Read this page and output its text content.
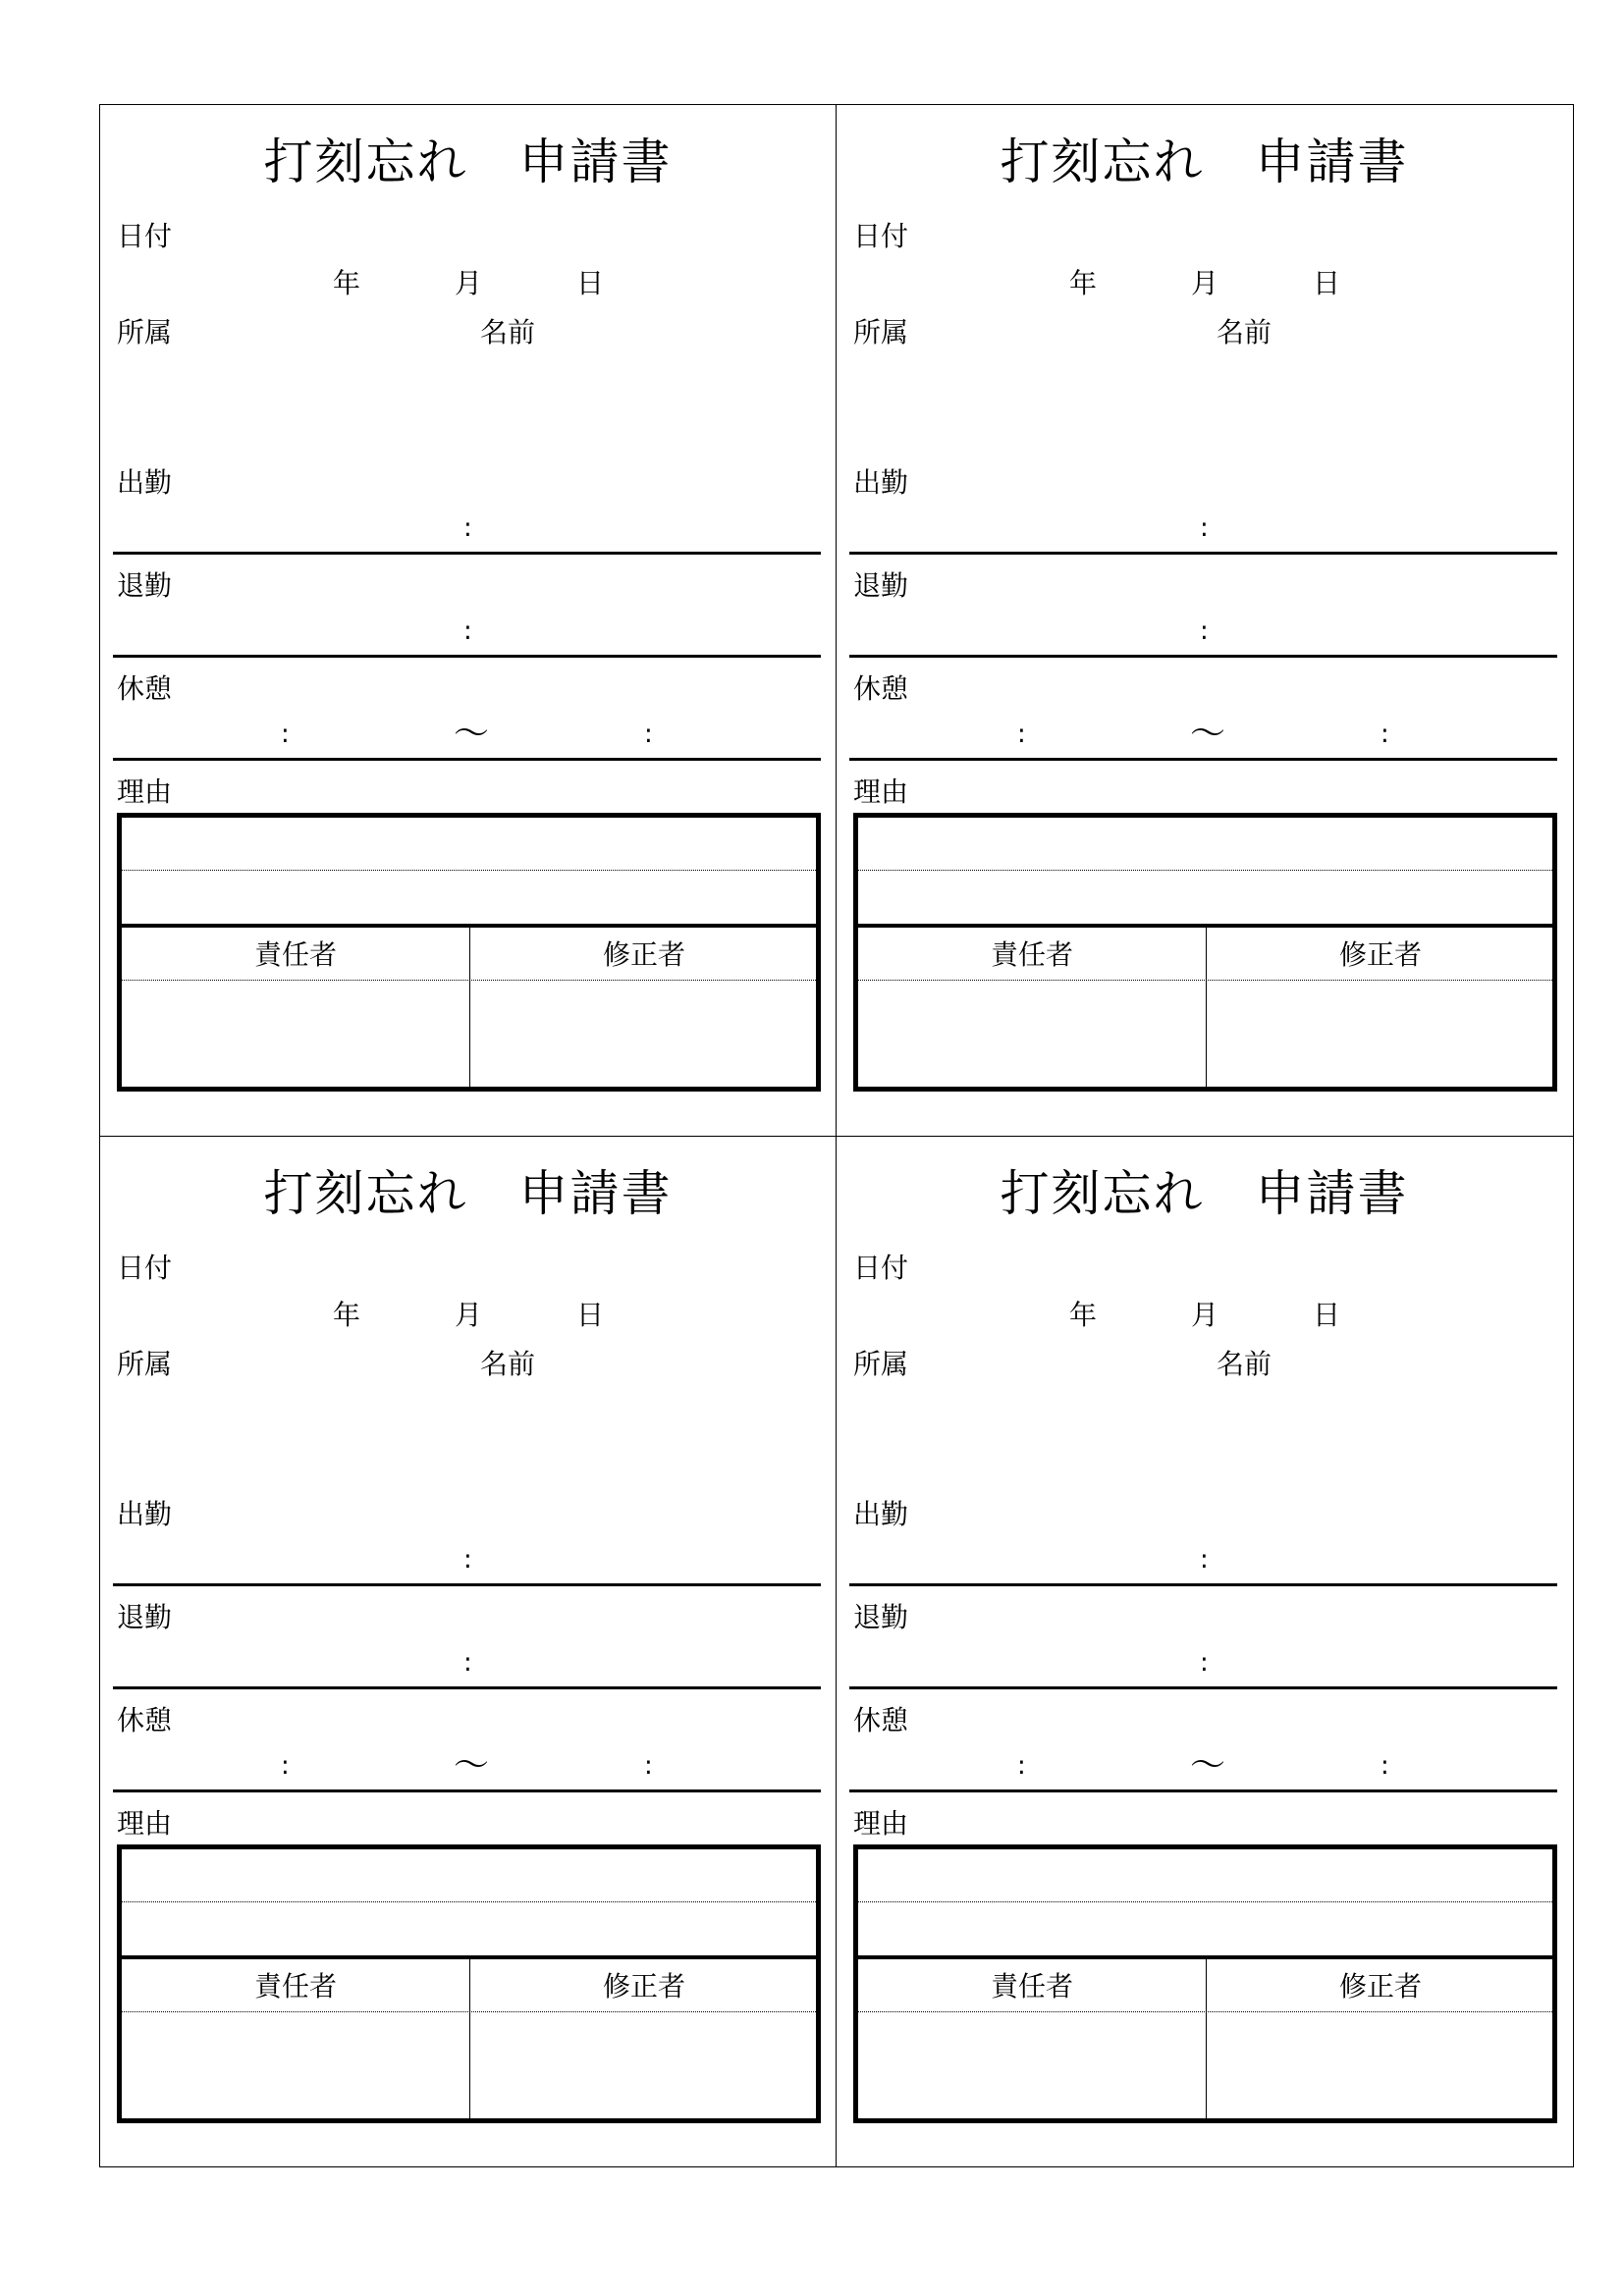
打刻忘れ　申請書
日付
年	月	日
所属	名前
出勤
:
退勤
:
休憩
:	～	:
理由
責任者	修正者
打刻忘れ　申請書
日付
年	月	日
所属	名前
出勤
:
退勤
:
休憩
:	～	:
理由
責任者	修正者
打刻忘れ　申請書
日付
年	月	日
所属	名前
出勤
:
退勤
:
休憩
:	～	:
理由
責任者	修正者
打刻忘れ　申請書
日付
年	月	日
所属	名前
出勤
:
退勤
:
休憩
:	～	:
理由
責任者	修正者
